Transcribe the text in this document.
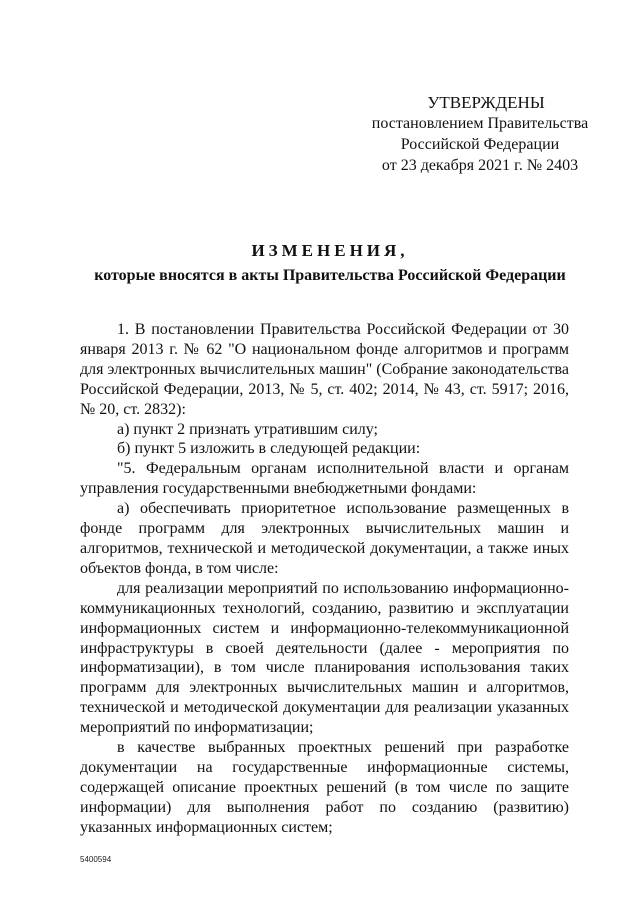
УТВЕРЖДЕНЫ
постановлением Правительства
Российской Федерации
от 23 декабря 2021 г. № 2403
ИЗМЕНЕНИЯ,
которые вносятся в акты Правительства Российской Федерации

1. В постановлении Правительства Российской Федерации от 30 января 2013 г. № 62 "О национальном фонде алгоритмов и программ для электронных вычислительных машин" (Собрание законодательства Российской Федерации, 2013, № 5, ст. 402; 2014, № 43, ст. 5917; 2016, № 20, ст. 2832):

а) пункт 2 признать утратившим силу;

б) пункт 5 изложить в следующей редакции:

"5. Федеральным органам исполнительной власти и органам управления государственными внебюджетными фондами:

а) обеспечивать приоритетное использование размещенных в фонде программ для электронных вычислительных машин и алгоритмов, технической и методической документации, а также иных объектов фонда, в том числе:

для реализации мероприятий по использованию информационно-коммуникационных технологий, созданию, развитию и эксплуатации информационных систем и информационно-телекоммуникационной инфраструктуры в своей деятельности (далее - мероприятия по информатизации), в том числе планирования использования таких программ для электронных вычислительных машин и алгоритмов, технической и методической документации для реализации указанных мероприятий по информатизации;

в качестве выбранных проектных решений при разработке документации на государственные информационные системы, содержащей описание проектных решений (в том числе по защите информации) для выполнения работ по созданию (развитию) указанных информационных систем;

5400594
